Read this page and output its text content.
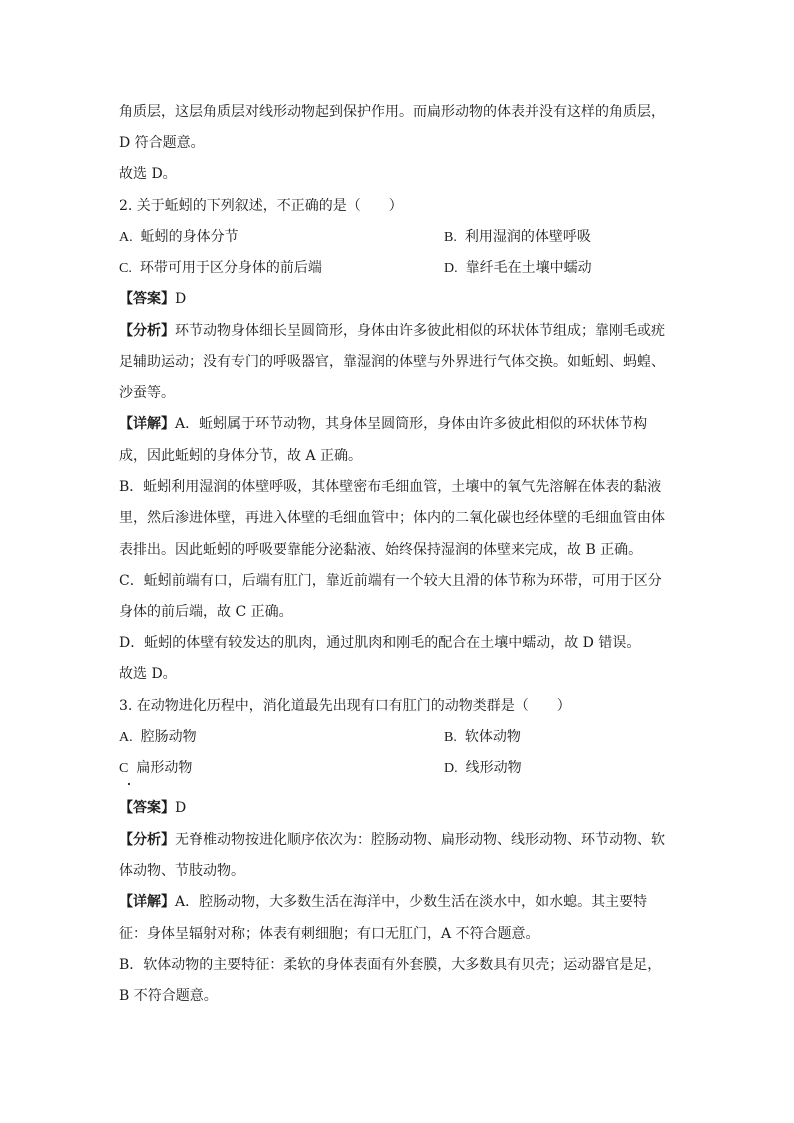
角质层，这层角质层对线形动物起到保护作用。而扁形动物的体表并没有这样的角质层，
D 符合题意。
故选 D。
2. 关于蚯蚓的下列叙述，不正确的是（　　）
A. 蚯蚓的身体分节	B. 利用湿润的体壁呼吸
C. 环带可用于区分身体的前后端	D. 靠纤毛在土壤中蠕动
【答案】D
【分析】环节动物身体细长呈圆筒形，身体由许多彼此相似的环状体节组成；靠刚毛或疣
足辅助运动；没有专门的呼吸器官，靠湿润的体壁与外界进行气体交换。如蚯蚓、蚂蝗、
沙蚕等。
【详解】A．蚯蚓属于环节动物，其身体呈圆筒形，身体由许多彼此相似的环状体节构
成，因此蚯蚓的身体分节，故 A 正确。
B．蚯蚓利用湿润的体壁呼吸，其体壁密布毛细血管，土壤中的氧气先溶解在体表的黏液
里，然后渗进体壁，再进入体壁的毛细血管中；体内的二氧化碳也经体壁的毛细血管由体
表排出。因此蚯蚓的呼吸要靠能分泌黏液、始终保持湿润的体壁来完成，故 B 正确。
C．蚯蚓前端有口，后端有肛门，靠近前端有一个较大且滑的体节称为环带，可用于区分
身体的前后端，故 C 正确。
D．蚯蚓的体壁有较发达的肌肉，通过肌肉和刚毛的配合在土壤中蠕动，故 D 错误。
故选 D。
3. 在动物进化历程中，消化道最先出现有口有肛门的动物类群是（　　）
A. 腔肠动物	B. 软体动物
C 扁形动物	D. 线形动物
【答案】D
【分析】无脊椎动物按进化顺序依次为：腔肠动物、扁形动物、线形动物、环节动物、软
体动物、节肢动物。
【详解】A．腔肠动物，大多数生活在海洋中，少数生活在淡水中，如水螅。其主要特
征：身体呈辐射对称；体表有刺细胞；有口无肛门，A 不符合题意。
B．软体动物的主要特征：柔软的身体表面有外套膜，大多数具有贝壳；运动器官是足，
B 不符合题意。
